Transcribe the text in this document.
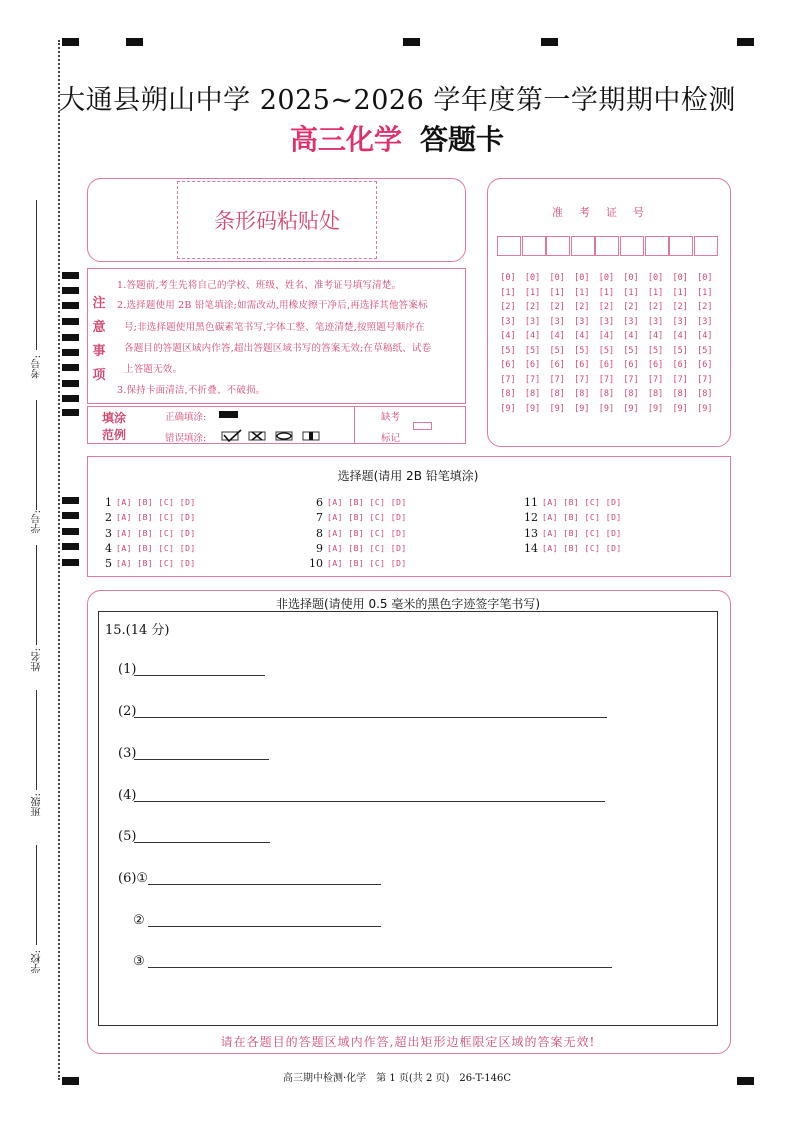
考号:
学号:
姓名:
班级:
学校:
大通县朔山中学 2025~2026 学年度第一学期期中检测
高三化学 答题卡
条形码粘贴处
注
意
事
项
1.答题前,考生先将自己的学校、班级、姓名、准考证号填写清楚。
2.选择题使用 2B 铅笔填涂;如需改动,用橡皮擦干净后,再选择其他答案标
号;非选择题使用黑色碳素笔书写,字体工整、笔迹清楚,按照题号顺序在
各题目的答题区域内作答,超出答题区域书写的答案无效;在草稿纸、试卷
上答题无效。
3.保持卡面清洁,不折叠、不破损。
填涂
范例
正确填涂:
错误填涂:
缺考
标记
准考证号
[0]
[1]
[2]
[3]
[4]
[5]
[6]
[7]
[8]
[9]
[0]
[1]
[2]
[3]
[4]
[5]
[6]
[7]
[8]
[9]
[0]
[1]
[2]
[3]
[4]
[5]
[6]
[7]
[8]
[9]
[0]
[1]
[2]
[3]
[4]
[5]
[6]
[7]
[8]
[9]
[0]
[1]
[2]
[3]
[4]
[5]
[6]
[7]
[8]
[9]
[0]
[1]
[2]
[3]
[4]
[5]
[6]
[7]
[8]
[9]
[0]
[1]
[2]
[3]
[4]
[5]
[6]
[7]
[8]
[9]
[0]
[1]
[2]
[3]
[4]
[5]
[6]
[7]
[8]
[9]
[0]
[1]
[2]
[3]
[4]
[5]
[6]
[7]
[8]
[9]
选择题(请用 2B 铅笔填涂)
1 [A] [B] [C] [D]
2 [A] [B] [C] [D]
3 [A] [B] [C] [D]
4 [A] [B] [C] [D]
5 [A] [B] [C] [D]
6 [A] [B] [C] [D]
7 [A] [B] [C] [D]
8 [A] [B] [C] [D]
9 [A] [B] [C] [D]
10 [A] [B] [C] [D]
11 [A] [B] [C] [D]
12 [A] [B] [C] [D]
13 [A] [B] [C] [D]
14 [A] [B] [C] [D]
非选择题(请使用 0.5 毫米的黑色字迹签字笔书写)
15.(14 分)
(1)
(2)
(3)
(4)
(5)
(6)①
②
③
请在各题目的答题区域内作答,超出矩形边框限定区域的答案无效!
高三期中检测·化学　第 1 页(共 2 页)　26-T-146C
